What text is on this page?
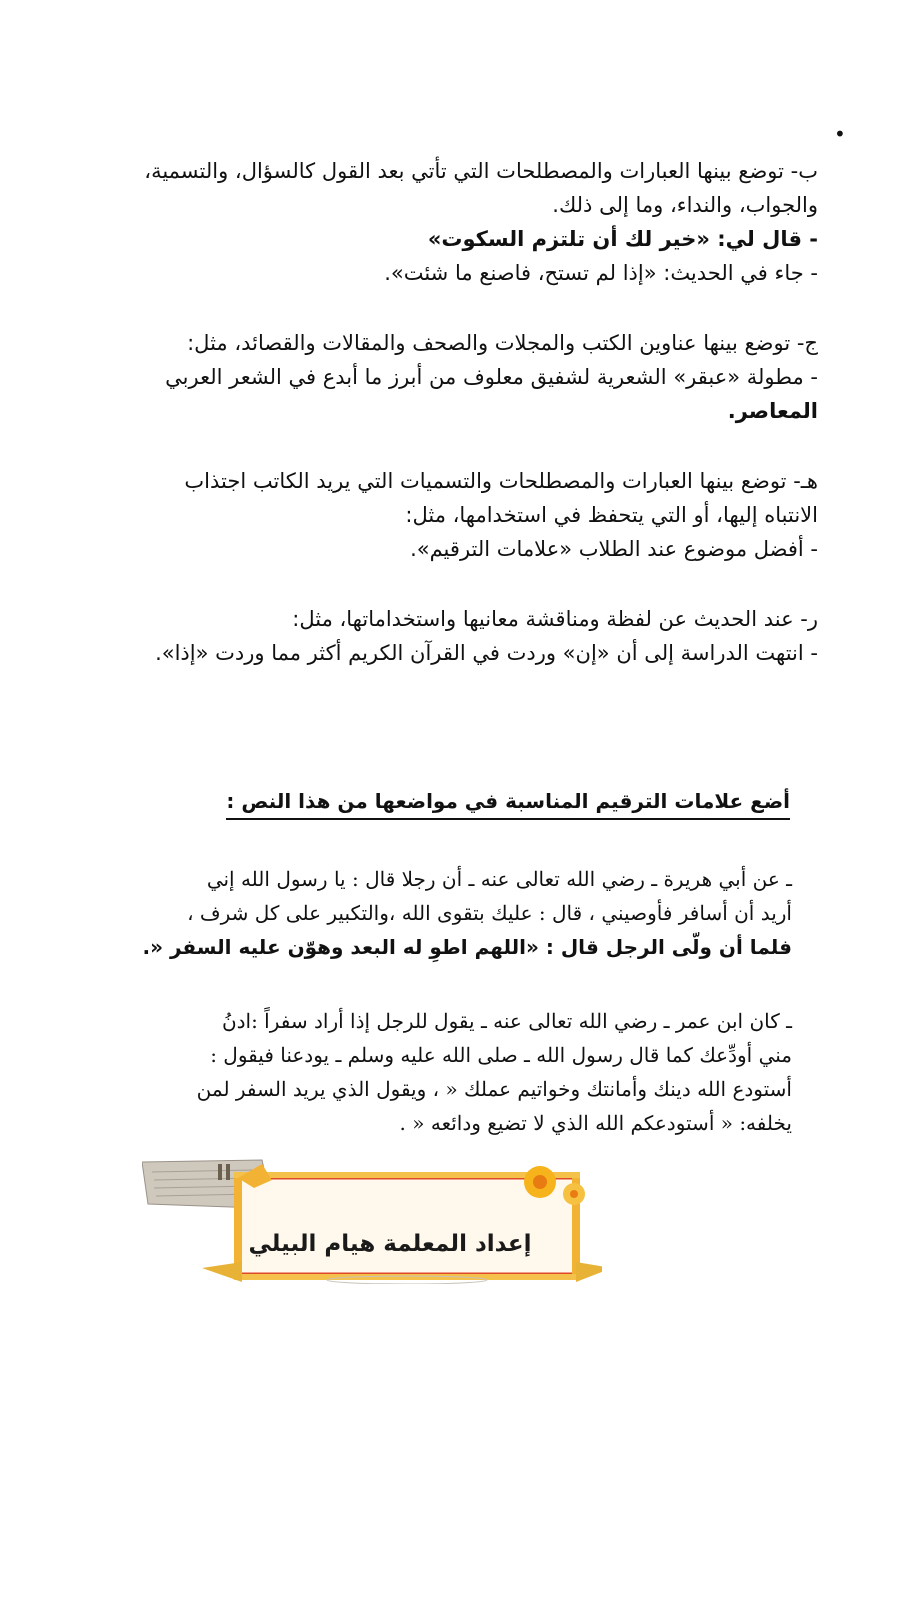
•

ب- توضع بينها العبارات والمصطلحات التي تأتي بعد القول كالسؤال، والتسمية،

والجواب، والنداء، وما إلى ذلك.

- قال لي: «خير لك أن تلتزم السكوت»

- جاء في الحديث: «إذا لم تستح، فاصنع ما شئت».

ج- توضع بينها عناوين الكتب والمجلات والصحف والمقالات والقصائد، مثل:

- مطولة «عبقر» الشعرية لشفيق معلوف من أبرز ما أبدع في الشعر العربي

المعاصر.

هـ- توضع بينها العبارات والمصطلحات والتسميات التي يريد الكاتب اجتذاب

الانتباه إليها، أو التي يتحفظ في استخدامها، مثل:

- أفضل موضوع عند الطلاب «علامات الترقيم».

ر- عند الحديث عن لفظة ومناقشة معانيها واستخداماتها، مثل:

- انتهت الدراسة إلى أن «إن» وردت في القرآن الكريم أكثر مما وردت «إذا».

أضع علامات الترقيم المناسبة في مواضعها من هذا النص :

ـ عن أبي هريرة ـ رضي الله تعالى عنه ـ أن رجلا قال : يا رسول الله إني

أريد أن أسافر فأوصيني ، قال : عليك بتقوى الله ،والتكبير على كل شرف ،

فلما أن ولّى الرجل قال : «اللهم اطوِ له البعد وهوّن عليه السفر «.

ـ كان ابن عمر ـ رضي الله تعالى عنه ـ يقول للرجل إذا أراد سفراً :ادنُ

مني أودِّعك كما قال رسول الله ـ صلى الله عليه وسلم ـ يودعنا فيقول :

أستودع الله دينك وأمانتك وخواتيم عملك « ، ويقول الذي يريد السفر لمن

يخلفه: « أستودعكم الله الذي لا تضيع ودائعه « .

إعداد المعلمة هيام البيلي
